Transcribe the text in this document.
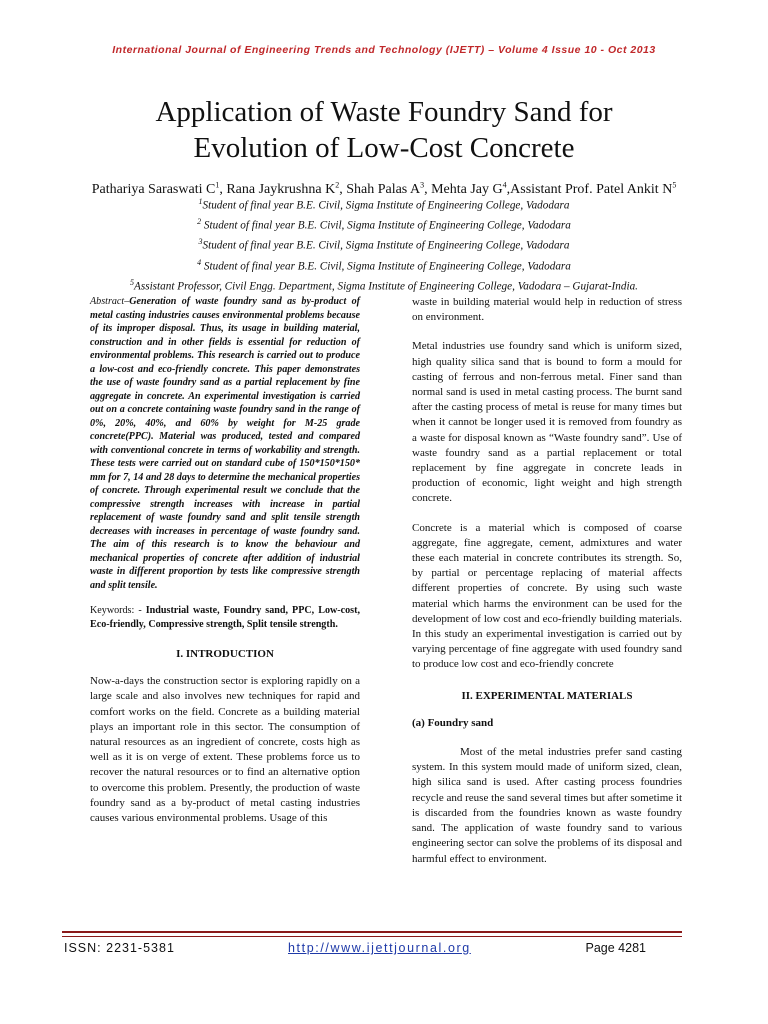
International Journal of Engineering Trends and Technology (IJETT) – Volume 4 Issue 10 - Oct 2013
Application of Waste Foundry Sand for
Evolution of Low-Cost Concrete
Pathariya Saraswati $C^1$, Rana Jaykrushna $K^2$, Shah Palas $A^3$, Mehta Jay $G^4,Assistant$ Prof. Patel Ankit $N^5$
$^1$Student of final year B.E. Civil, Sigma Institute of Engineering College, Vadodara
$^2$ Student of final year B.E. Civil, Sigma Institute of Engineering College, Vadodara
$^3$Student of final year B.E. Civil, Sigma Institute of Engineering College, Vadodara
$^4$ Student of final year B.E. Civil, Sigma Institute of Engineering College, Vadodara
$^5$Assistant Professor, Civil Engg. Department, Sigma Institute of Engineering College, Vadodara – Gujarat-India.
Abstract–Generation of waste foundry sand as by-product of metal casting industries causes environmental problems because of its improper disposal. Thus, its usage in building material, construction and in other fields is essential for reduction of environmental problems. This research is carried out to produce a low-cost and eco-friendly concrete. This paper demonstrates the use of waste foundry sand as a partial replacement by fine aggregate in concrete. An experimental investigation is carried out on a concrete containing waste foundry sand in the range of 0%, 20%, 40%, and 60% by weight for M-25 grade concrete(PPC). Material was produced, tested and compared with conventional concrete in terms of workability and strength. These tests were carried out on standard cube of 150*150*150* mm for 7, 14 and 28 days to determine the mechanical properties of concrete. Through experimental result we conclude that the compressive strength increases with increase in partial replacement of waste foundry sand and split tensile strength decreases with increases in percentage of waste foundry sand. The aim of this research is to know the behaviour and mechanical properties of concrete after addition of industrial waste in different proportion by tests like compressive strength and split tensile.
Keywords: - Industrial waste, Foundry sand, PPC, Low-cost, Eco-friendly, Compressive strength, Split tensile strength.
I. INTRODUCTION
Now-a-days the construction sector is exploring rapidly on a large scale and also involves new techniques for rapid and comfort works on the field. Concrete as a building material plays an important role in this sector. The consumption of natural resources as an ingredient of concrete, costs high as well as it is on verge of extent. These problems force us to recover the natural resources or to find an alternative option to overcome this problem. Presently, the production of waste foundry sand as a by-product of metal casting industries causes various environmental problems. Usage of this
waste in building material would help in reduction of stress on environment.
Metal industries use foundry sand which is uniform sized, high quality silica sand that is bound to form a mould for casting of ferrous and non-ferrous metal. Finer sand than normal sand is used in metal casting process. The burnt sand after the casting process of metal is reuse for many times but when it cannot be longer used it is removed from foundry as a waste for disposal known as “Waste foundry sand”. Use of waste foundry sand as a partial replacement or total replacement by fine aggregate in concrete leads in production of economic, light weight and high strength concrete.
Concrete is a material which is composed of coarse aggregate, fine aggregate, cement, admixtures and water these each material in concrete contributes its strength. So, by partial or percentage replacing of material affects different properties of concrete. By using such waste material which harms the environment can be used for the development of low cost and eco-friendly building materials. In this study an experimental investigation is carried out by varying percentage of fine aggregate with used foundry sand to produce low cost and eco-friendly concrete
II. EXPERIMENTAL MATERIALS
(a) Foundry sand
Most of the metal industries prefer sand casting system. In this system mould made of uniform sized, clean, high silica sand is used. After casting process foundries recycle and reuse the sand several times but after sometime it is discarded from the foundries known as waste foundry sand. The application of waste foundry sand to various engineering sector can solve the problems of its disposal and harmful effect to environment.
ISSN: 2231-5381	http://www.ijettjournal.org	Page 4281
